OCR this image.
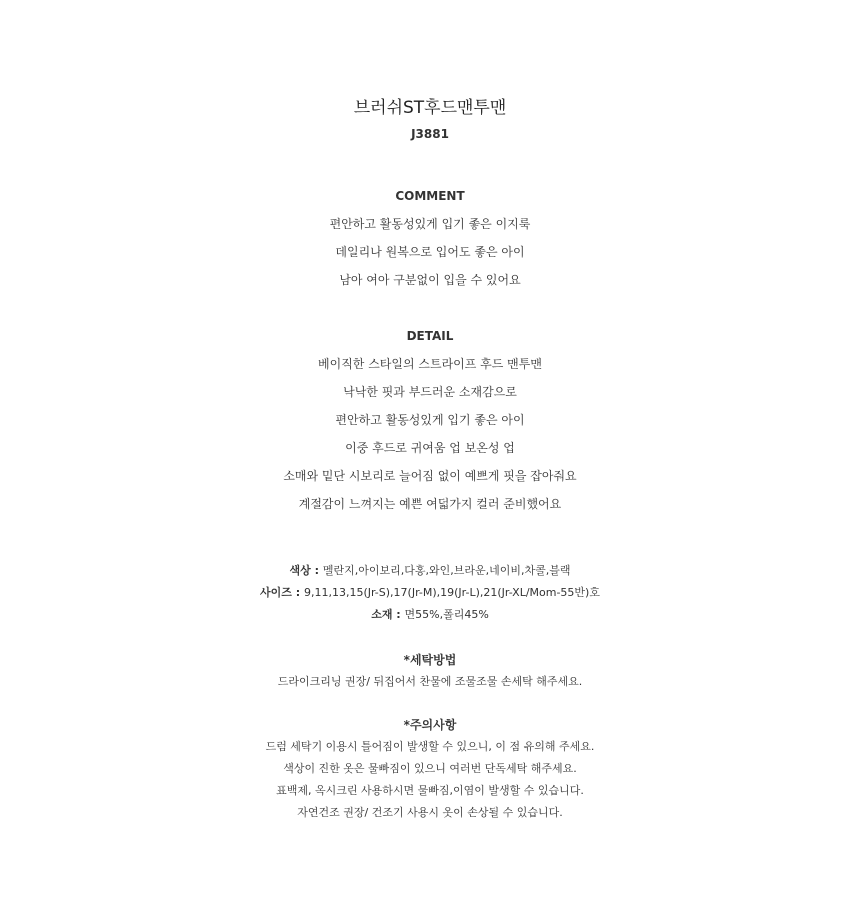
브러쉬ST후드맨투맨
J3881
COMMENT
편안하고 활동성있게 입기 좋은 이지룩
데일리나 원복으로 입어도 좋은 아이
남아 여아 구분없이 입을 수 있어요
DETAIL
베이직한 스타일의 스트라이프 후드 맨투맨
낙낙한 핏과 부드러운 소재감으로
편안하고 활동성있게 입기 좋은 아이
이중 후드로 귀여움 업 보온성 업
소매와 밑단 시보리로 늘어짐 없이 예쁘게 핏을 잡아줘요
계절감이 느껴지는 예쁜 여덟가지 컬러 준비했어요
색상 : 멜란지,아이보리,다홍,와인,브라운,네이비,차콜,블랙
사이즈 : 9,11,13,15(Jr-S),17(Jr-M),19(Jr-L),21(Jr-XL/Mom-55반)호
소재 : 면55%,폴리45%
*세탁방법
드라이크리닝 권장/ 뒤집어서 찬물에 조물조물 손세탁 해주세요.
*주의사항
드럼 세탁기 이용시 틀어짐이 발생할 수 있으니, 이 점 유의해 주세요.
색상이 진한 옷은 물빠짐이 있으니 여러번 단독세탁 해주세요.
표백제, 옥시크린 사용하시면 물빠짐,이염이 발생할 수 있습니다.
자연건조 권장/ 건조기 사용시 옷이 손상될 수 있습니다.
